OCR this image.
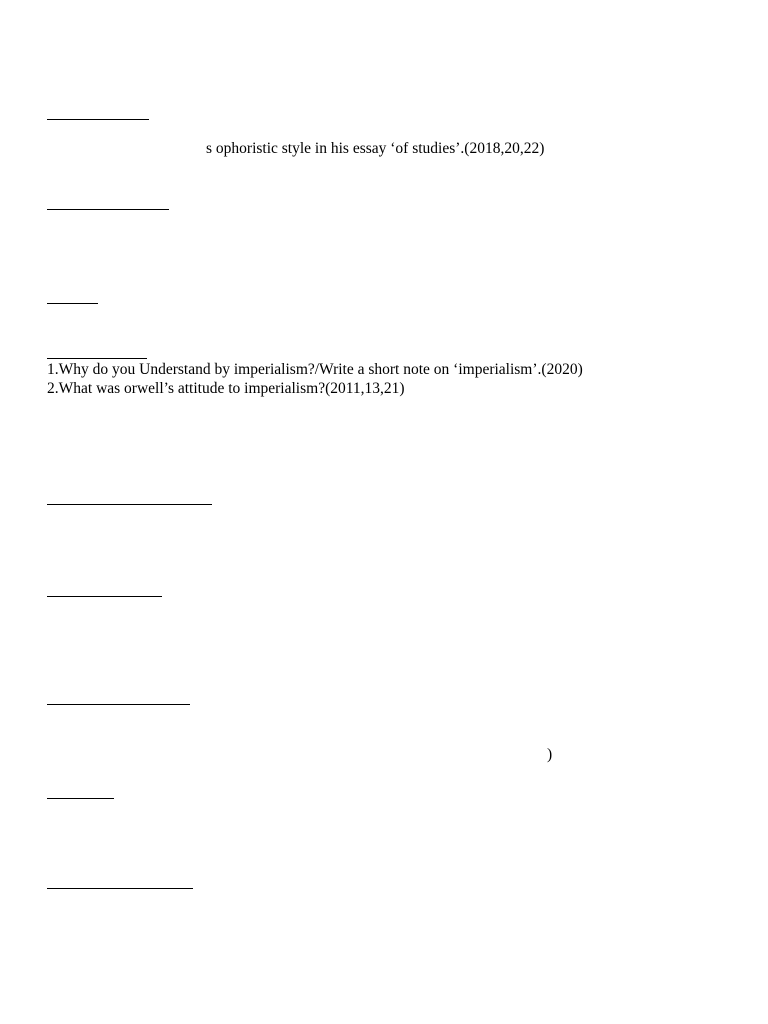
s ophoristic style in his essay ‘of studies’.(2018,20,22)
1.Why do you Understand by imperialism?/Write a short note on ‘imperialism’.(2020)
2.What was orwell’s attitude to imperialism?(2011,13,21)
)
